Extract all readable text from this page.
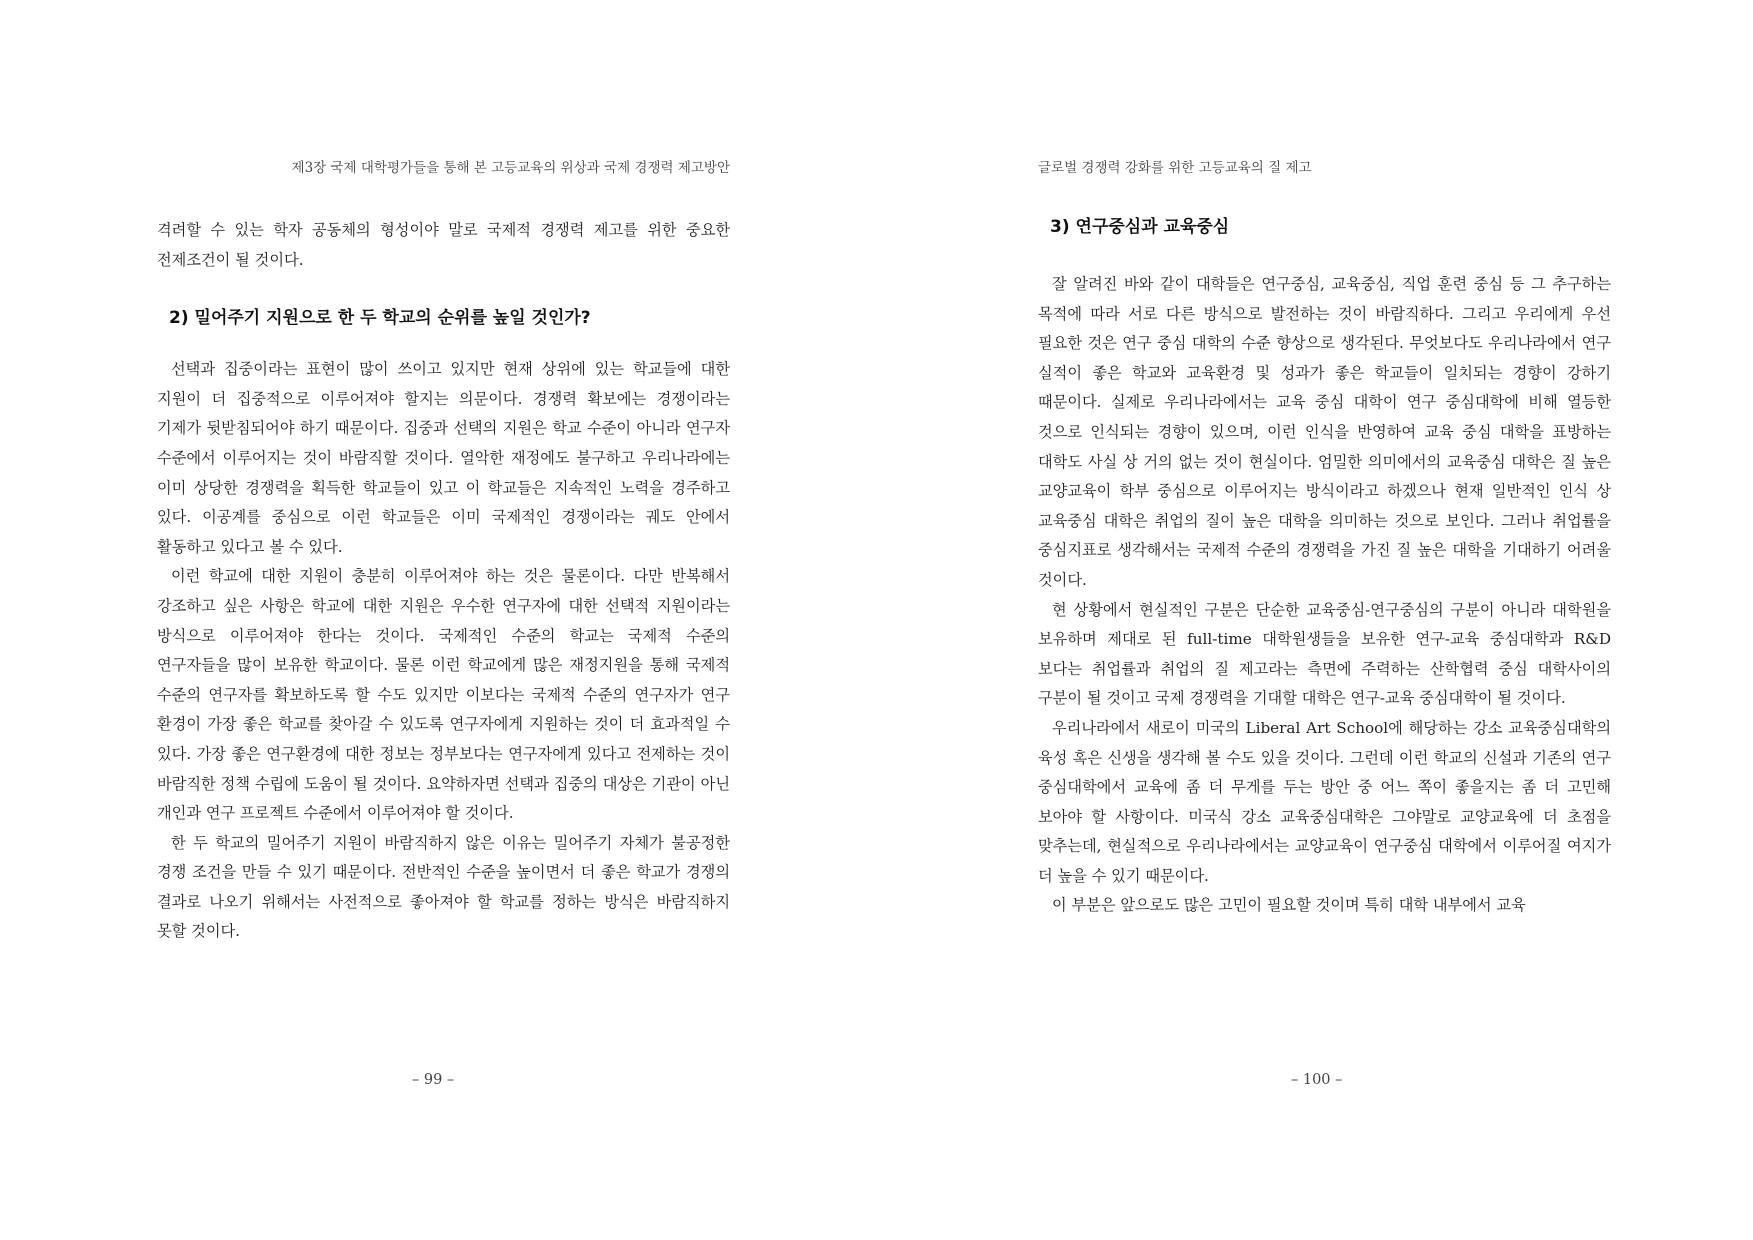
제3장 국제 대학평가들을 통해 본 고등교육의 위상과 국제 경쟁력 제고방안

격려할 수 있는 학자 공동체의 형성이야 말로 국제적 경쟁력 제고를 위한 중요한 전제조건이 될 것이다.

2) 밀어주기 지원으로 한 두 학교의 순위를 높일 것인가?

선택과 집중이라는 표현이 많이 쓰이고 있지만 현재 상위에 있는 학교들에 대한 지원이 더 집중적으로 이루어져야 할지는 의문이다. 경쟁력 확보에는 경쟁이라는 기제가 뒷받침되어야 하기 때문이다. 집중과 선택의 지원은 학교 수준이 아니라 연구자 수준에서 이루어지는 것이 바람직할 것이다. 열악한 재정에도 불구하고 우리나라에는 이미 상당한 경쟁력을 획득한 학교들이 있고 이 학교들은 지속적인 노력을 경주하고 있다. 이공계를 중심으로 이런 학교들은 이미 국제적인 경쟁이라는 궤도 안에서 활동하고 있다고 볼 수 있다.

이런 학교에 대한 지원이 충분히 이루어져야 하는 것은 물론이다. 다만 반복해서 강조하고 싶은 사항은 학교에 대한 지원은 우수한 연구자에 대한 선택적 지원이라는 방식으로 이루어져야 한다는 것이다. 국제적인 수준의 학교는 국제적 수준의 연구자들을 많이 보유한 학교이다. 물론 이런 학교에게 많은 재정지원을 통해 국제적 수준의 연구자를 확보하도록 할 수도 있지만 이보다는 국제적 수준의 연구자가 연구 환경이 가장 좋은 학교를 찾아갈 수 있도록 연구자에게 지원하는 것이 더 효과적일 수 있다. 가장 좋은 연구환경에 대한 정보는 정부보다는 연구자에게 있다고 전제하는 것이 바람직한 정책 수립에 도움이 될 것이다. 요약하자면 선택과 집중의 대상은 기관이 아닌 개인과 연구 프로젝트 수준에서 이루어져야 할 것이다.

한 두 학교의 밀어주기 지원이 바람직하지 않은 이유는 밀어주기 자체가 불공정한 경쟁 조건을 만들 수 있기 때문이다. 전반적인 수준을 높이면서 더 좋은 학교가 경쟁의 결과로 나오기 위해서는 사전적으로 좋아져야 할 학교를 정하는 방식은 바람직하지 못할 것이다.

– 99 –
글로벌 경쟁력 강화를 위한 고등교육의 질 제고
3) 연구중심과 교육중심

잘 알려진 바와 같이 대학들은 연구중심, 교육중심, 직업 훈련 중심 등 그 추구하는 목적에 따라 서로 다른 방식으로 발전하는 것이 바람직하다. 그리고 우리에게 우선 필요한 것은 연구 중심 대학의 수준 향상으로 생각된다. 무엇보다도 우리나라에서 연구 실적이 좋은 학교와 교육환경 및 성과가 좋은 학교들이 일치되는 경향이 강하기 때문이다. 실제로 우리나라에서는 교육 중심 대학이 연구 중심대학에 비해 열등한 것으로 인식되는 경향이 있으며, 이런 인식을 반영하여 교육 중심 대학을 표방하는 대학도 사실 상 거의 없는 것이 현실이다. 엄밀한 의미에서의 교육중심 대학은 질 높은 교양교육이 학부 중심으로 이루어지는 방식이라고 하겠으나 현재 일반적인 인식 상 교육중심 대학은 취업의 질이 높은 대학을 의미하는 것으로 보인다. 그러나 취업률을 중심지표로 생각해서는 국제적 수준의 경쟁력을 가진 질 높은 대학을 기대하기 어려울 것이다.

현 상황에서 현실적인 구분은 단순한 교육중심-연구중심의 구분이 아니라 대학원을 보유하며 제대로 된 full-time 대학원생들을 보유한 연구-교육 중심대학과 R&D 보다는 취업률과 취업의 질 제고라는 측면에 주력하는 산학협력 중심 대학사이의 구분이 될 것이고 국제 경쟁력을 기대할 대학은 연구-교육 중심대학이 될 것이다.

우리나라에서 새로이 미국의 Liberal Art School에 해당하는 강소 교육중심대학의 육성 혹은 신생을 생각해 볼 수도 있을 것이다. 그런데 이런 학교의 신설과 기존의 연구 중심대학에서 교육에 좀 더 무게를 두는 방안 중 어느 쪽이 좋을지는 좀 더 고민해 보아야 할 사항이다. 미국식 강소 교육중심대학은 그야말로 교양교육에 더 초점을 맞추는데, 현실적으로 우리나라에서는 교양교육이 연구중심 대학에서 이루어질 여지가 더 높을 수 있기 때문이다.

이 부분은 앞으로도 많은 고민이 필요할 것이며 특히 대학 내부에서 교육

– 100 –
